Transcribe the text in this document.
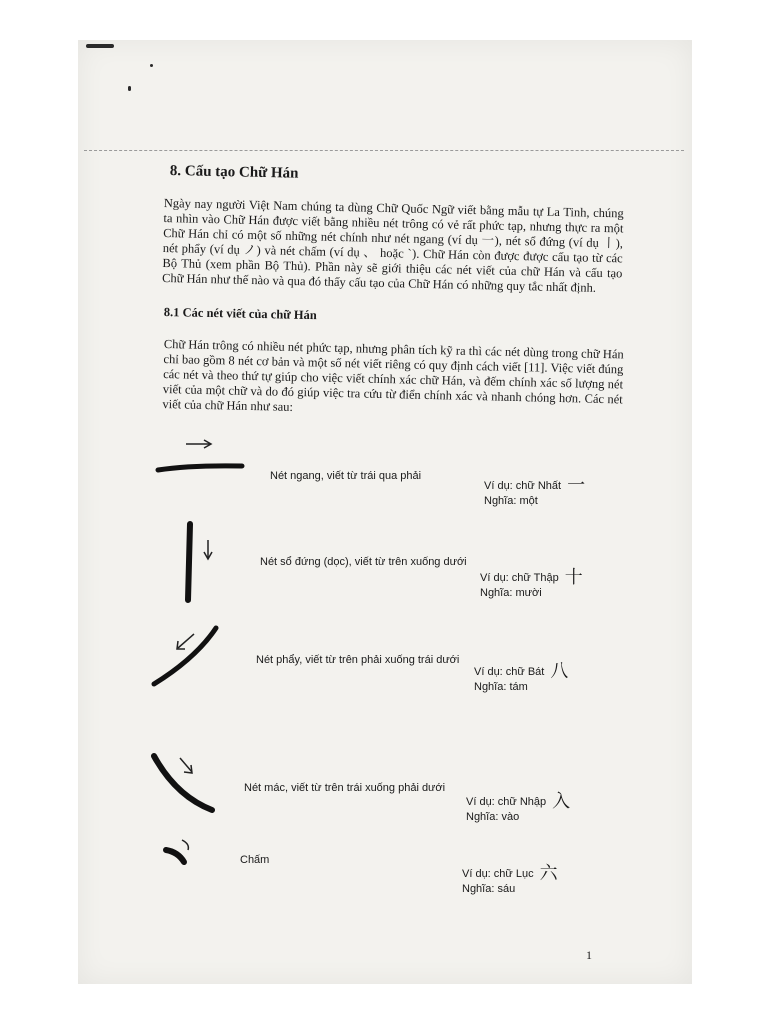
8. Cấu tạo Chữ Hán

Ngày nay người Việt Nam chúng ta dùng Chữ Quốc Ngữ viết bằng mẫu tự La Tinh, chúng ta nhìn vào Chữ Hán được viết bằng nhiều nét trông có vẻ rất phức tạp, nhưng thực ra một Chữ Hán chỉ có một số những nét chính như nét ngang (ví dụ 一), nét sổ đứng (ví dụ 丨), nét phẩy (ví dụ ノ) và nét chấm (ví dụ 、 hoặc ˋ). Chữ Hán còn được được cấu tạo từ các Bộ Thủ (xem phần Bộ Thủ). Phần này sẽ giới thiệu các nét viết của chữ Hán và cấu tạo Chữ Hán như thế nào và qua đó thấy cấu tạo của Chữ Hán có những quy tắc nhất định.

8.1 Các nét viết của chữ Hán

Chữ Hán trông có nhiều nét phức tạp, nhưng phân tích kỹ ra thì các nét dùng trong chữ Hán chỉ bao gồm 8 nét cơ bản và một số nét viết riêng có quy định cách viết [11]. Việc viết đúng các nét và theo thứ tự giúp cho việc viết chính xác chữ Hán, và đếm chính xác số lượng nét viết của một chữ và do đó giúp việc tra cứu từ điển chính xác và nhanh chóng hơn. Các nét viết của chữ Hán như sau:

Nét ngang, viết từ trái qua phải
Ví dụ: chữ Nhất 一
Nghĩa: một
Nét sổ đứng (dọc), viết từ trên xuống dưới
Ví dụ: chữ Thập 十
Nghĩa: mười
Nét phẩy, viết từ trên phải xuống trái dưới
Ví dụ: chữ Bát 八
Nghĩa: tám
Nét mác, viết từ trên trái xuống phải dưới
Ví dụ: chữ Nhập 入
Nghĩa: vào
Chấm
Ví dụ: chữ Lục 六
Nghĩa: sáu
1
